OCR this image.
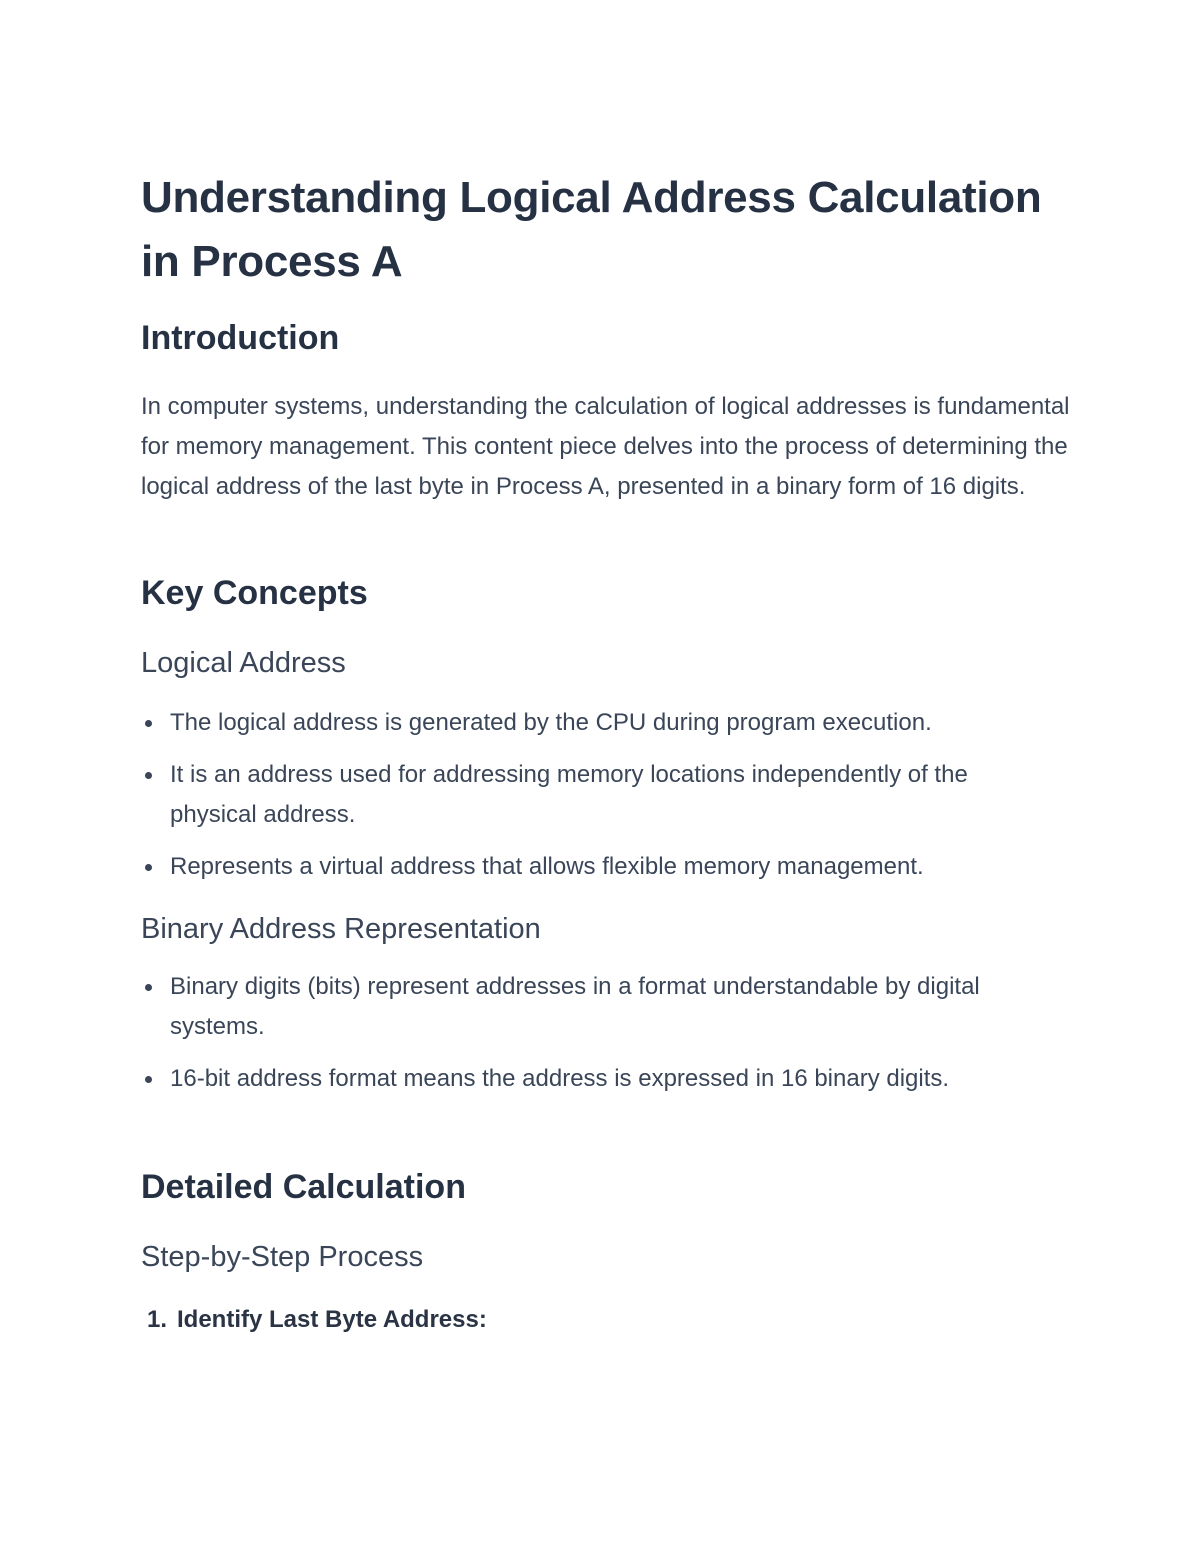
Understanding Logical Address Calculation in Process A
Introduction

In computer systems, understanding the calculation of logical addresses is fundamental for memory management. This content piece delves into the process of determining the logical address of the last byte in Process A, presented in a binary form of 16 digits.

Key Concepts
Logical Address
The logical address is generated by the CPU during program execution.
It is an address used for addressing memory locations independently of the physical address.
Represents a virtual address that allows flexible memory management.
Binary Address Representation
Binary digits (bits) represent addresses in a format understandable by digital systems.
16-bit address format means the address is expressed in 16 binary digits.
Detailed Calculation
Step-by-Step Process
1. Identify Last Byte Address:
